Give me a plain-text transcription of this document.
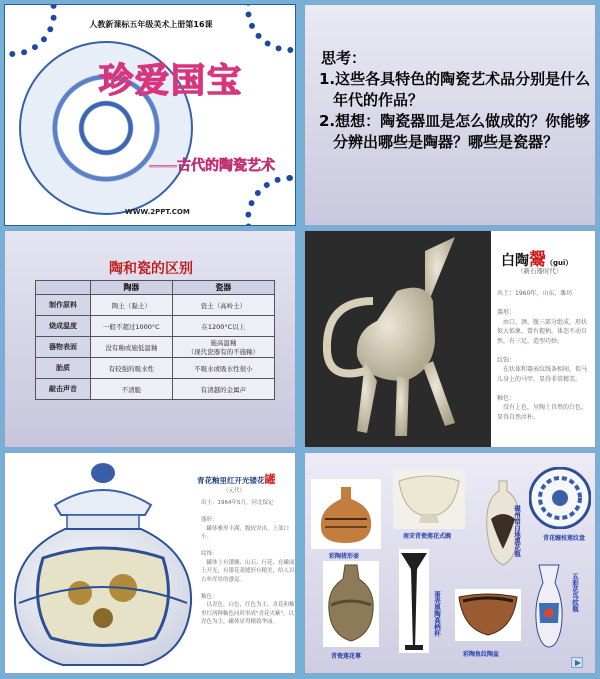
人教新课标五年级美术上册第16课
珍爱国宝
——古代的陶瓷艺术
WWW.2PPT.COM
思考：
1.这些各具特色的陶瓷艺术品分别是什么年代的作品？
2.想想：陶瓷器皿是怎么做成的？你能够分辨出哪些是陶器？哪些是瓷器？
陶和瓷的区别
	陶器	瓷器
制作原料	陶土（黏土）	瓷土（高岭土）
烧成温度	一般不超过1000°C	在1200°C以上
器物表面	没有釉或施低温釉	施高温釉
（现代瓷器有的不施釉）
胎质	有较强的吸水性	不吸水或吸水性很小
敲击声音	不清脆	有清越的金属声
白陶鬶（guī）
（新石器时代）
出土：1960年，山东、潍坊

器形：
　由口、颈、腹三部分组成，形状似大似象，曾有握柄，体态不动自然，有三足，造型巧妙。

纹饰：
　在状体和器表纹线条相间，似马儿身上的马甲，显得非常精美。

釉色：
　没有上色，呈陶土自然的白色，显得自然淳朴。
青花釉里红开光镂花罐
（元代）
出土：1964年5月，河北保定

器形：
　罐体雅形丰满，腹较突出，上部口小。

纹饰：
　罐体上有镂雕、山石、行花，在罐面上开光，有镂花菱缝形有精美，给人以古朴浑厚的感觉。

釉色：
　以青色，白色，红色为主，青花和釉里红两种釉色同时形成"青花夹紫"，以青色为主，罐体显得精致华丽。
彩陶猪形壶
南宋青瓷莲花式碗	磁州窑白地黑花瓶	青花缠枝莲纹盘
青瓷莲花尊
蛋壳黑陶高柄杯
彩陶鱼纹陶盆
五彩花鸟纹瓶
